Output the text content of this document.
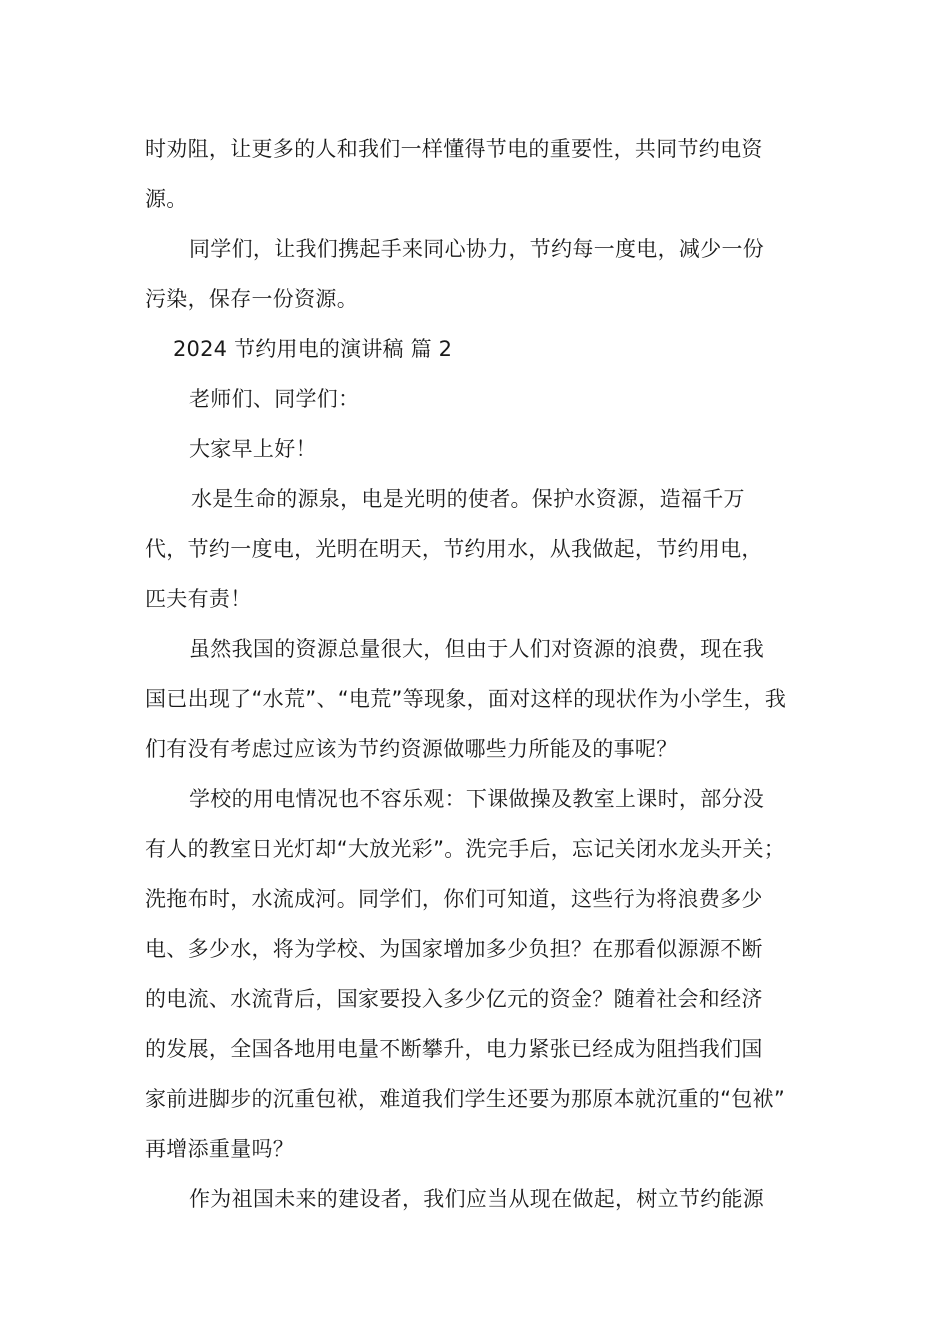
时劝阻，让更多的人和我们一样懂得节电的重要性，共同节约电资
源。
同学们，让我们携起手来同心协力，节约每一度电，减少一份
污染，保存一份资源。
2024 节约用电的演讲稿 篇 2
老师们、同学们：
大家早上好！
水是生命的源泉，电是光明的使者。保护水资源，造福千万
代，节约一度电，光明在明天，节约用水，从我做起，节约用电，
匹夫有责！
虽然我国的资源总量很大，但由于人们对资源的浪费，现在我
国已出现了“水荒”、“电荒”等现象，面对这样的现状作为小学生，我
们有没有考虑过应该为节约资源做哪些力所能及的事呢？
学校的用电情况也不容乐观：下课做操及教室上课时，部分没
有人的教室日光灯却“大放光彩”。洗完手后，忘记关闭水龙头开关；
洗拖布时，水流成河。同学们，你们可知道，这些行为将浪费多少
电、多少水，将为学校、为国家增加多少负担？在那看似源源不断
的电流、水流背后，国家要投入多少亿元的资金？随着社会和经济
的发展，全国各地用电量不断攀升，电力紧张已经成为阻挡我们国
家前进脚步的沉重包袱，难道我们学生还要为那原本就沉重的“包袱”
再增添重量吗？
作为祖国未来的建设者，我们应当从现在做起，树立节约能源
